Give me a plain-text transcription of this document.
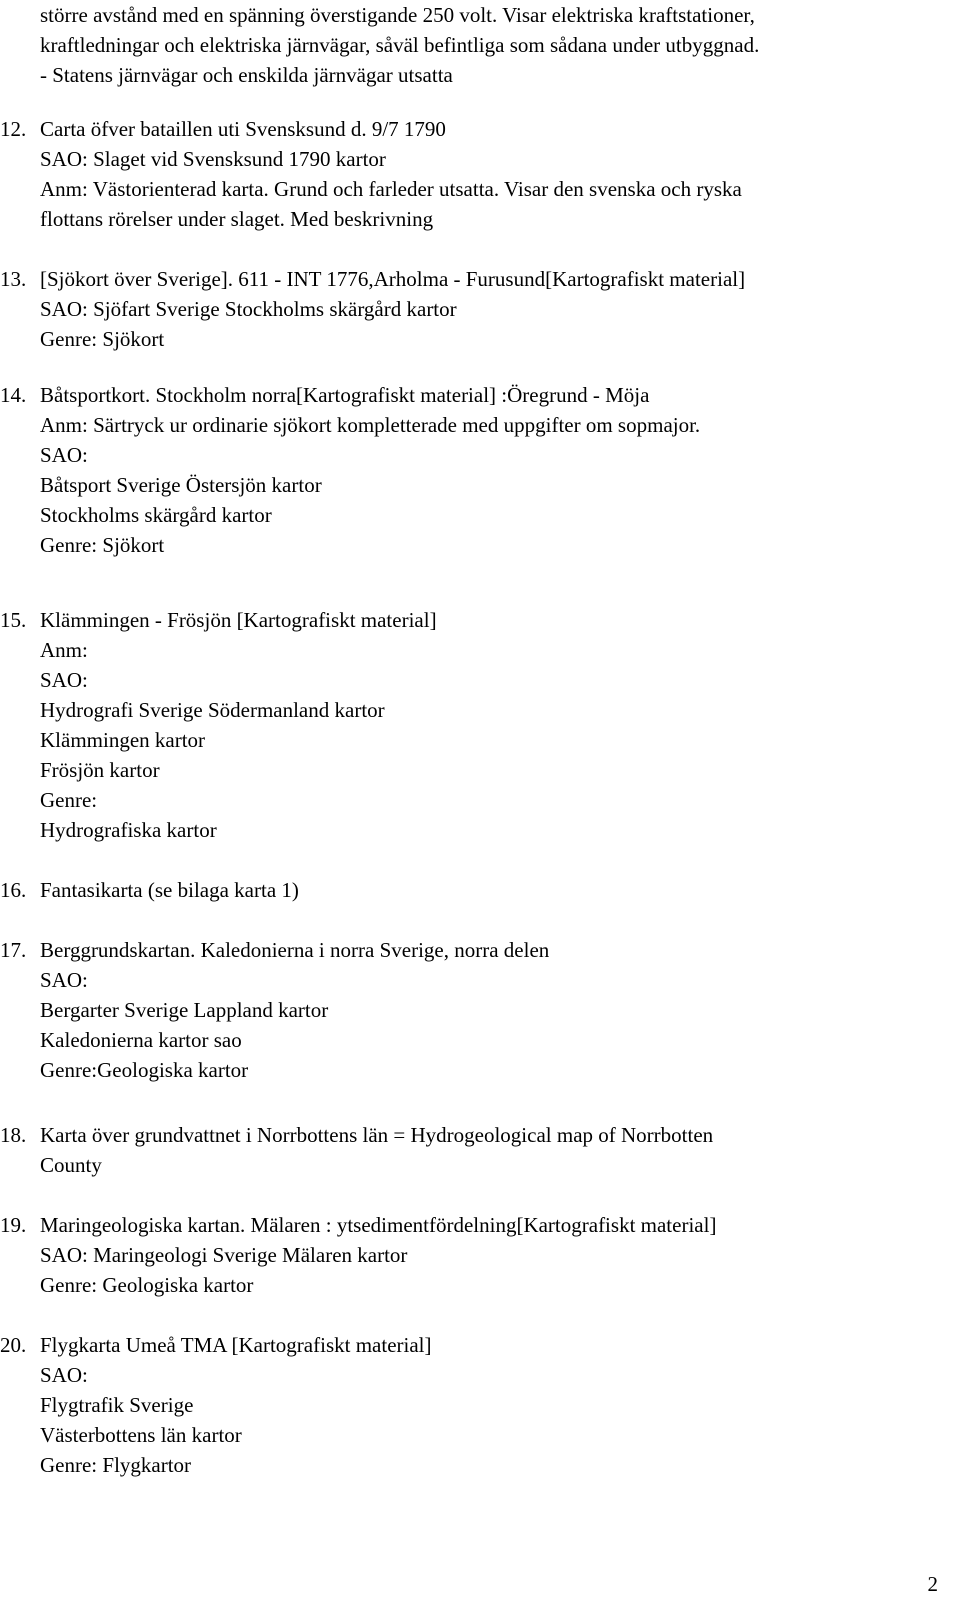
större avstånd med en spänning överstigande 250 volt. Visar elektriska kraftstationer,
kraftledningar och elektriska järnvägar, såväl befintliga som sådana under utbyggnad.
- Statens järnvägar och enskilda järnvägar utsatta
12. Carta öfver bataillen uti Svensksund d. 9/7 1790
SAO: Slaget vid Svensksund 1790 kartor
Anm: Västorienterad karta. Grund och farleder utsatta. Visar den svenska och ryska
flottans rörelser under slaget. Med beskrivning
13. [Sjökort över Sverige]. 611 - INT 1776,Arholma - Furusund[Kartografiskt material]
SAO: Sjöfart Sverige Stockholms skärgård kartor
Genre: Sjökort
14. Båtsportkort. Stockholm norra[Kartografiskt material] :Öregrund - Möja
Anm: Särtryck ur ordinarie sjökort kompletterade med uppgifter om sopmajor.
SAO:
Båtsport Sverige Östersjön kartor
Stockholms skärgård kartor
Genre: Sjökort
15. Klämmingen - Frösjön [Kartografiskt material]
Anm:
SAO:
Hydrografi Sverige Södermanland kartor
Klämmingen kartor
Frösjön kartor
Genre:
Hydrografiska kartor
16. Fantasikarta (se bilaga karta 1)
17. Berggrundskartan. Kaledonierna i norra Sverige, norra delen
SAO:
Bergarter Sverige Lappland kartor
Kaledonierna kartor sao
Genre:Geologiska kartor
18. Karta över grundvattnet i Norrbottens län = Hydrogeological map of Norrbotten
County
19. Maringeologiska kartan. Mälaren : ytsedimentfördelning[Kartografiskt material]
SAO: Maringeologi Sverige Mälaren kartor
Genre: Geologiska kartor
20. Flygkarta Umeå TMA [Kartografiskt material]
SAO:
Flygtrafik Sverige
Västerbottens län kartor
Genre: Flygkartor
2
